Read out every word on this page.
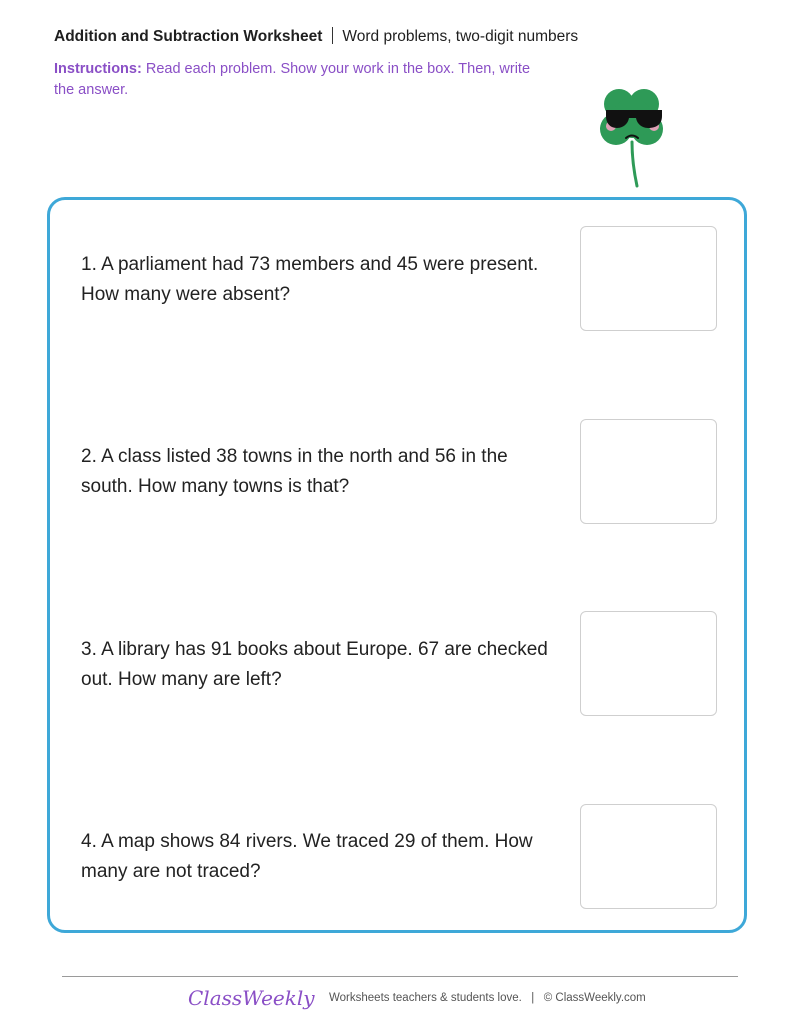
Addition and Subtraction Worksheet Word problems, two-digit numbers
Instructions: Read each problem. Show your work in the box. Then, write the answer.
1. A parliament had 73 members and 45 were present. How many were absent?
2. A class listed 38 towns in the north and 56 in the south. How many towns is that?
3. A library has 91 books about Europe. 67 are checked out. How many are left?
4. A map shows 84 rivers. We traced 29 of them. How many are not traced?
ClassWeekly Worksheets teachers & students love. | © ClassWeekly.com
